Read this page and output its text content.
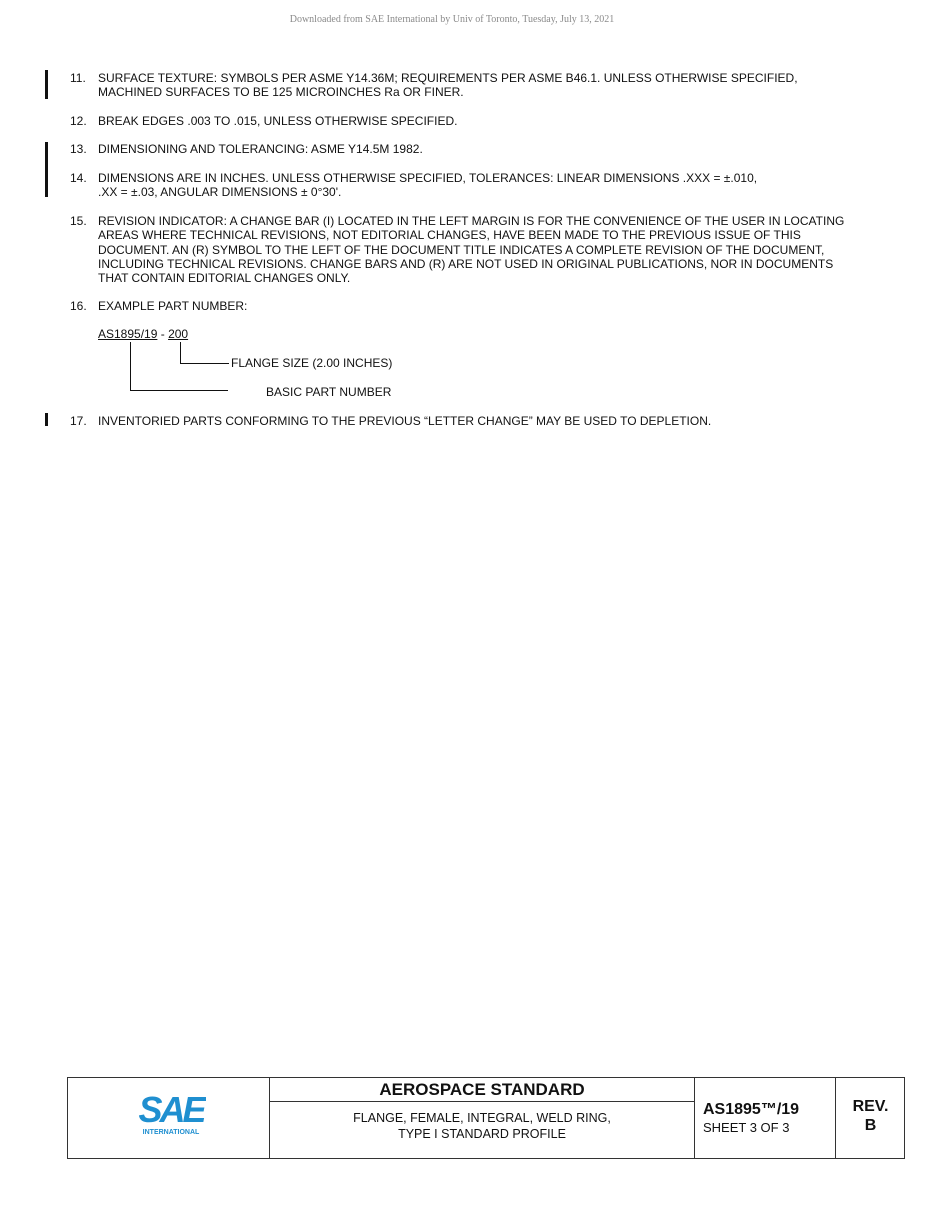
Downloaded from SAE International by Univ of Toronto, Tuesday, July 13, 2021
11. SURFACE TEXTURE: SYMBOLS PER ASME Y14.36M; REQUIREMENTS PER ASME B46.1. UNLESS OTHERWISE SPECIFIED, MACHINED SURFACES TO BE 125 MICROINCHES Ra OR FINER.
12. BREAK EDGES .003 TO .015, UNLESS OTHERWISE SPECIFIED.
13. DIMENSIONING AND TOLERANCING: ASME Y14.5M 1982.
14. DIMENSIONS ARE IN INCHES. UNLESS OTHERWISE SPECIFIED, TOLERANCES: LINEAR DIMENSIONS .XXX = ±.010, .XX = ±.03, ANGULAR DIMENSIONS ± 0°30'.
15. REVISION INDICATOR: A CHANGE BAR (I) LOCATED IN THE LEFT MARGIN IS FOR THE CONVENIENCE OF THE USER IN LOCATING AREAS WHERE TECHNICAL REVISIONS, NOT EDITORIAL CHANGES, HAVE BEEN MADE TO THE PREVIOUS ISSUE OF THIS DOCUMENT. AN (R) SYMBOL TO THE LEFT OF THE DOCUMENT TITLE INDICATES A COMPLETE REVISION OF THE DOCUMENT, INCLUDING TECHNICAL REVISIONS. CHANGE BARS AND (R) ARE NOT USED IN ORIGINAL PUBLICATIONS, NOR IN DOCUMENTS THAT CONTAIN EDITORIAL CHANGES ONLY.
16. EXAMPLE PART NUMBER:
AS1895/19 - 200
FLANGE SIZE (2.00 INCHES)
BASIC PART NUMBER
17. INVENTORIED PARTS CONFORMING TO THE PREVIOUS “LETTER CHANGE” MAY BE USED TO DEPLETION.
SAE
INTERNATIONAL
AEROSPACE STANDARD
FLANGE, FEMALE, INTEGRAL, WELD RING,
TYPE I STANDARD PROFILE
AS1895™/19
SHEET 3 OF 3
REV.
B
